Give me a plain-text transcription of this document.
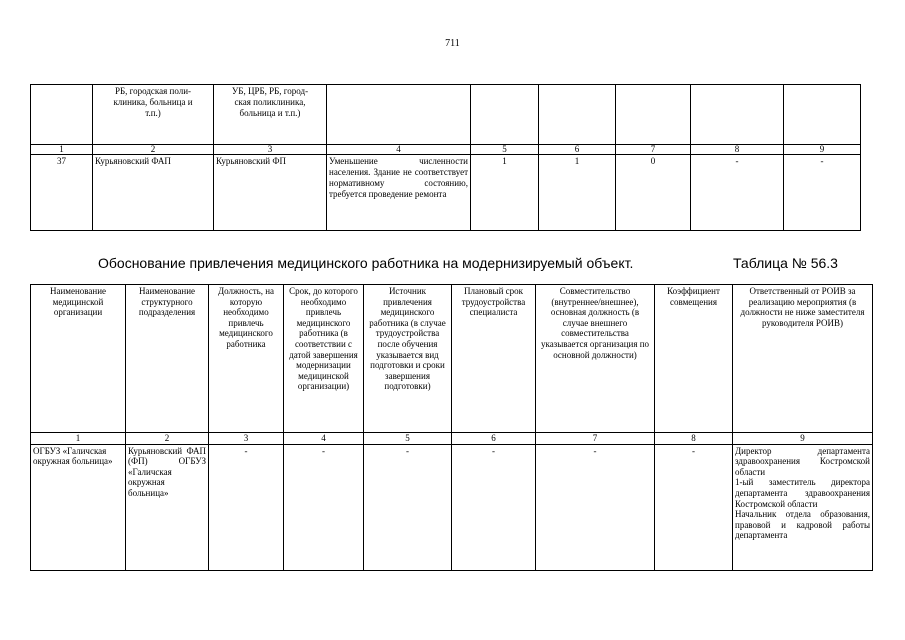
711
	РБ, городская поли-
клиника, больница и
т.п.)	УБ, ЦРБ, РБ, город-
ская поликлиника,
больница и т.п.)						
1	2	3	4	5	6	7	8	9
37	Курьяновский ФАП	Курьяновский ФП	Уменьшение численности населения. Здание не соответствует нормативному состоянию, требуется проведение ремонта	1	1	0	-	-
Обоснование привлечения медицинского работника на модернизируемый объект.	Таблица № 56.3
Наименование медицинской организации	Наименование структурного подразделения	Должность, на которую необходимо привлечь медицинского работника	Срок, до которого необходимо привлечь медицинского работника (в соответствии с датой завершения модернизации медицинской организации)	Источник привлечения медицинского работника (в случае трудоустройства после обучения указывается вид подготовки и сроки завершения подготовки)	Плановый срок трудоустройства специалиста	Совместительство (внутреннее/внешнее), основная должность (в случае внешнего совместительства указывается организация по основной должности)	Коэффициент совмещения	Ответственный от РОИВ за реализацию мероприятия (в должности не ниже заместителя руководителя РОИВ)
1	2	3	4	5	6	7	8	9
ОГБУЗ «Галичская окружная больница»	Курьяновский ФАП (ФП) ОГБУЗ «Галичская окружная больница»	-	-	-	-	-	-	Директор департамента здравоохранения Костромской области
1-ый заместитель директора департамента здравоохранения Костромской области
Начальник отдела образования, правовой и кадровой работы департамента
